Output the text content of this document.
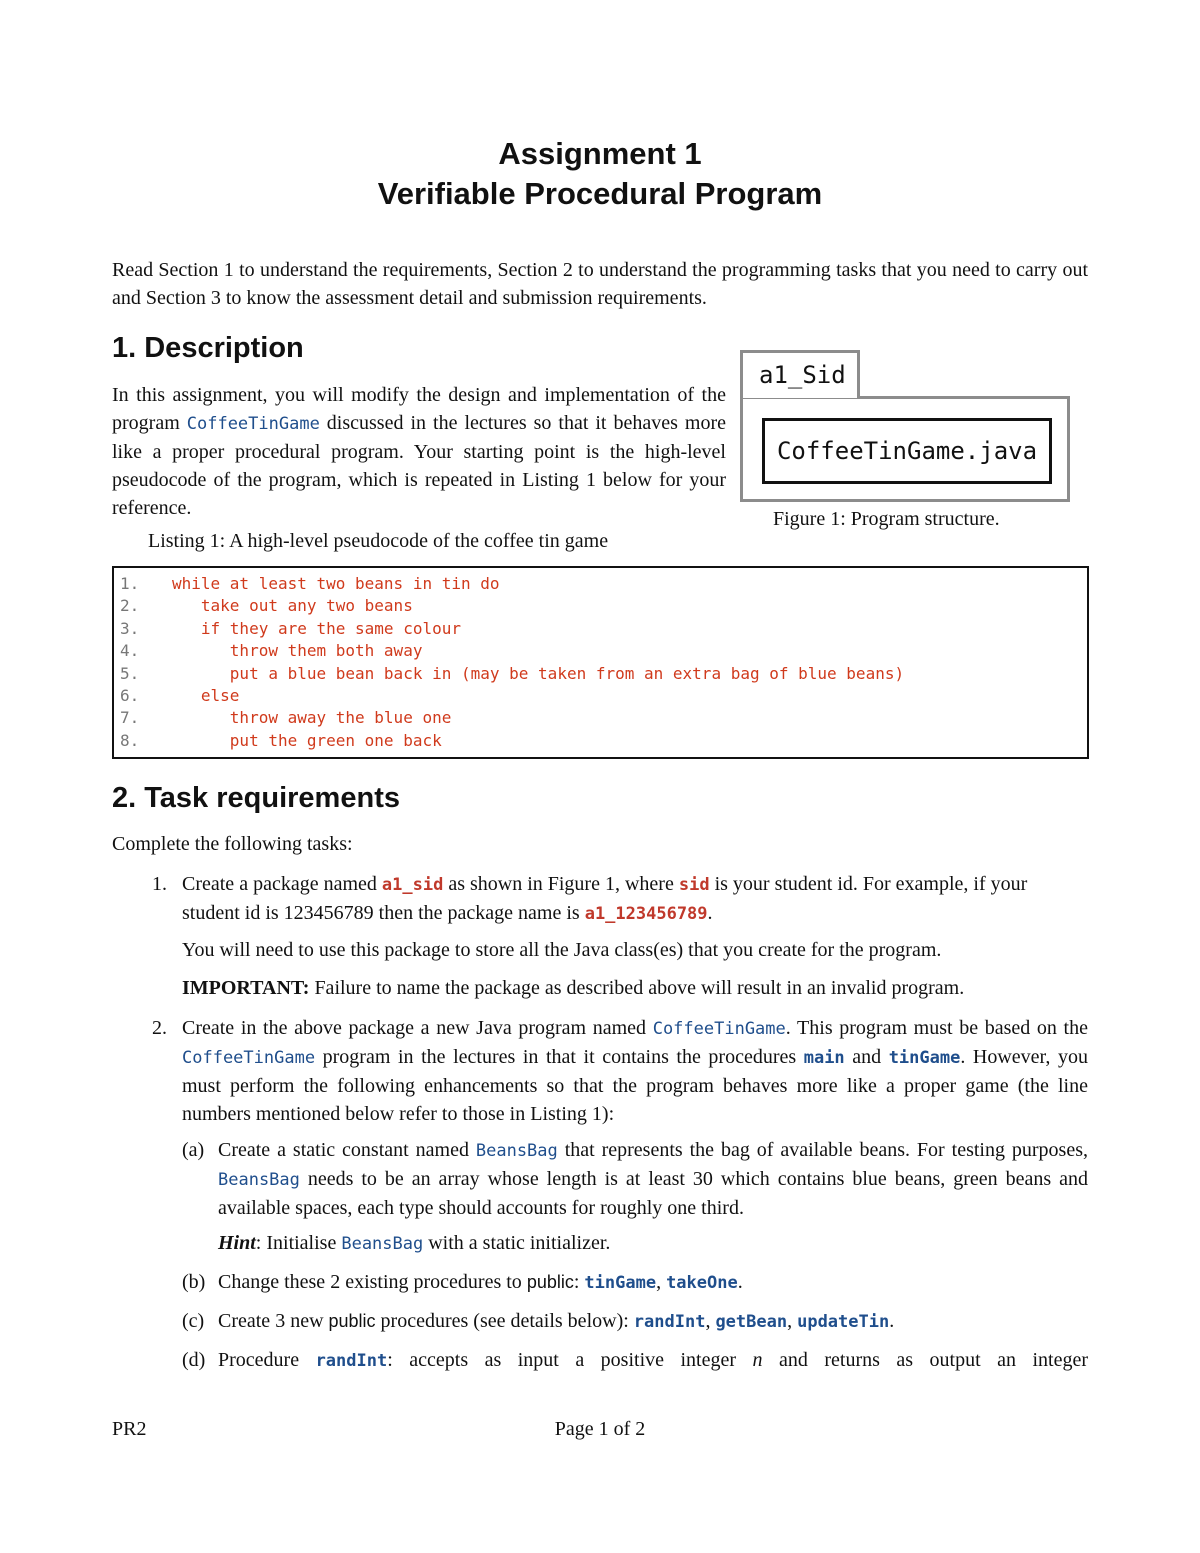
Assignment 1
Verifiable Procedural Program
Read Section 1 to understand the requirements, Section 2 to understand the programming tasks that you need to carry out and Section 3 to know the assessment detail and submission requirements.
1. Description
In this assignment, you will modify the design and implementation of the program CoffeeTinGame discussed in the lectures so that it behaves more like a proper procedural program. Your starting point is the high-level pseudocode of the program, which is repeated in Listing 1 below for your reference.
a1_Sid
CoffeeTinGame.java
Figure 1: Program structure.
Listing 1: A high-level pseudocode of the coffee tin game
1. while at least two beans in tin do
2.   take out any two beans
3.   if they are the same colour
4.      throw them both away
5.      put a blue bean back in (may be taken from an extra bag of blue beans)
6.   else
7.      throw away the blue one
8.      put the green one back
2. Task requirements
Complete the following tasks:
1. Create a package named a1_sid as shown in Figure 1, where sid is your student id. For example, if your student id is 123456789 then the package name is a1_123456789.
You will need to use this package to store all the Java class(es) that you create for the program.
IMPORTANT: Failure to name the package as described above will result in an invalid program.
2. Create in the above package a new Java program named CoffeeTinGame. This program must be based on the CoffeeTinGame program in the lectures in that it contains the procedures main and tinGame. However, you must perform the following enhancements so that the program behaves more like a proper game (the line numbers mentioned below refer to those in Listing 1):
(a) Create a static constant named BeansBag that represents the bag of available beans. For testing purposes, BeansBag needs to be an array whose length is at least 30 which contains blue beans, green beans and available spaces, each type should accounts for roughly one third.
Hint: Initialise BeansBag with a static initializer.
(b) Change these 2 existing procedures to public: tinGame, takeOne.
(c) Create 3 new public procedures (see details below): randInt, getBean, updateTin.
(d) Procedure randInt: accepts as input a positive integer n and returns as output an integer
PR2	Page 1 of 2
